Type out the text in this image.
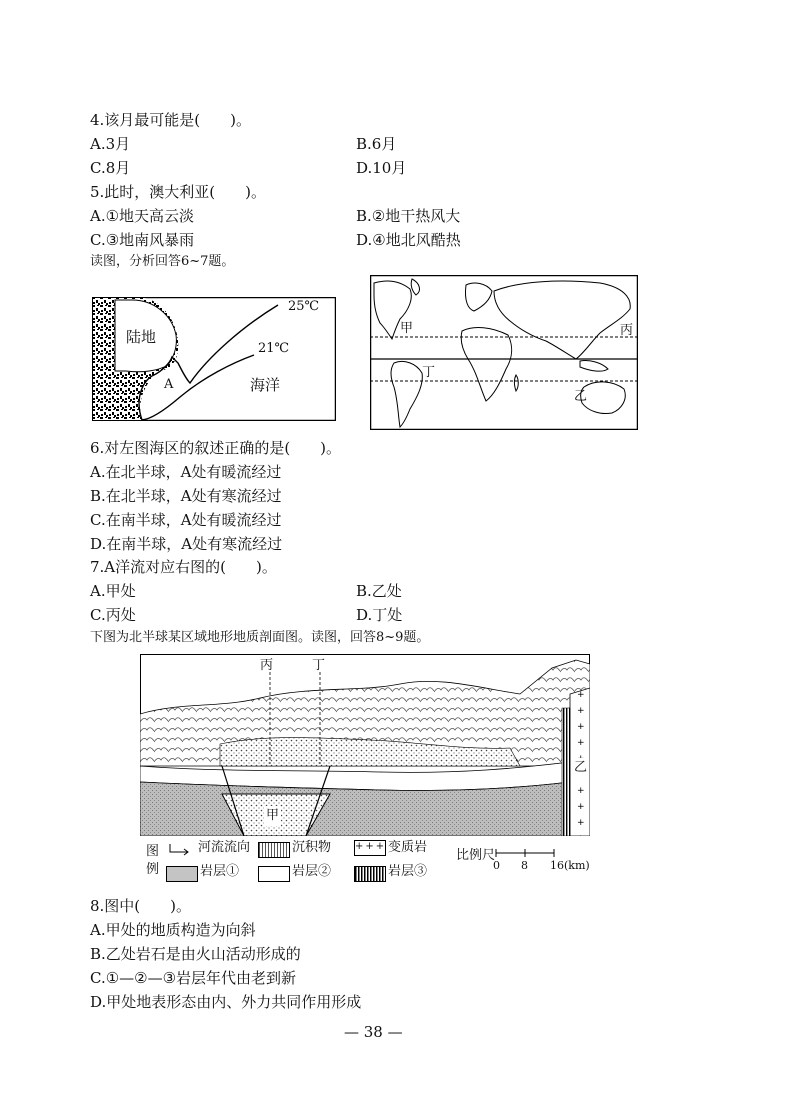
4.该月最可能是(　　)。
A.3月	B.6月
C.8月	D.10月
5.此时，澳大利亚(　　)。
A.①地天高云淡	B.②地干热风大
C.③地南风暴雨	D.④地北风酷热
读图，分析回答6~7题。
25℃
21℃
陆地
A	海洋
甲	丙
丁
乙
6.对左图海区的叙述正确的是(　　)。
A.在北半球，A处有暖流经过
B.在北半球，A处有寒流经过
C.在南半球，A处有暖流经过
D.在南半球，A处有寒流经过
7.A洋流对应右图的(　　)。
A.甲处	B.乙处
C.丙处	D.丁处
下图为北半球某区域地形地质剖面图。读图，回答8~9题。
丙	丁
甲
乙
图
例
河流流向	沉积物 +++ 变质岩
岩层①	岩层②	岩层③
比例尺
0 8 16(km)
8.图中(　　)。
A.甲处的地质构造为向斜
B.乙处岩石是由火山活动形成的
C.①—②—③岩层年代由老到新
D.甲处地表形态由内、外力共同作用形成
— 38 —
